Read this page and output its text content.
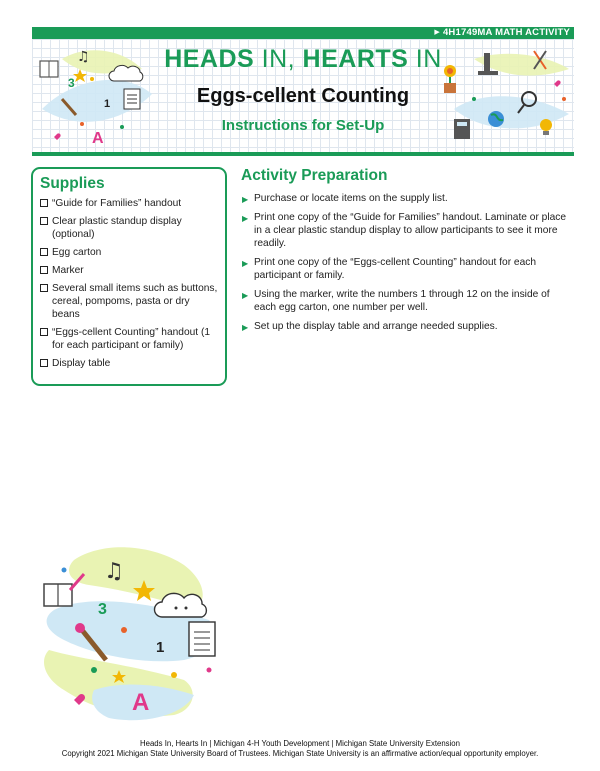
▶ 4H1749MA MATH ACTIVITY
♫
3
1
A
HEADS IN, HEARTS IN
Eggs-cellent Counting
Instructions for Set-Up
Supplies
“Guide for Families” handout
Clear plastic standup display (optional)
Egg carton
Marker
Several small items such as buttons, cereal, pompoms, pasta or dry beans
“Eggs-cellent Counting” handout (1 for each participant or family)
Display table
Activity Preparation
▶ Purchase or locate items on the supply list.
▶ Print one copy of the “Guide for Families” handout. Laminate or place in a clear plastic standup display to allow participants to see it more readily.
▶ Print one copy of the “Eggs-cellent Counting” handout for each participant or family.
▶ Using the marker, write the numbers 1 through 12 on the inside of each egg carton, one number per well.
▶ Set up the display table and arrange needed supplies.
♫
3
1
A
Heads In, Hearts In | Michigan 4-H Youth Development | Michigan State University Extension
Copyright 2021 Michigan State University Board of Trustees. Michigan State University is an affirmative action/equal opportunity employer.
